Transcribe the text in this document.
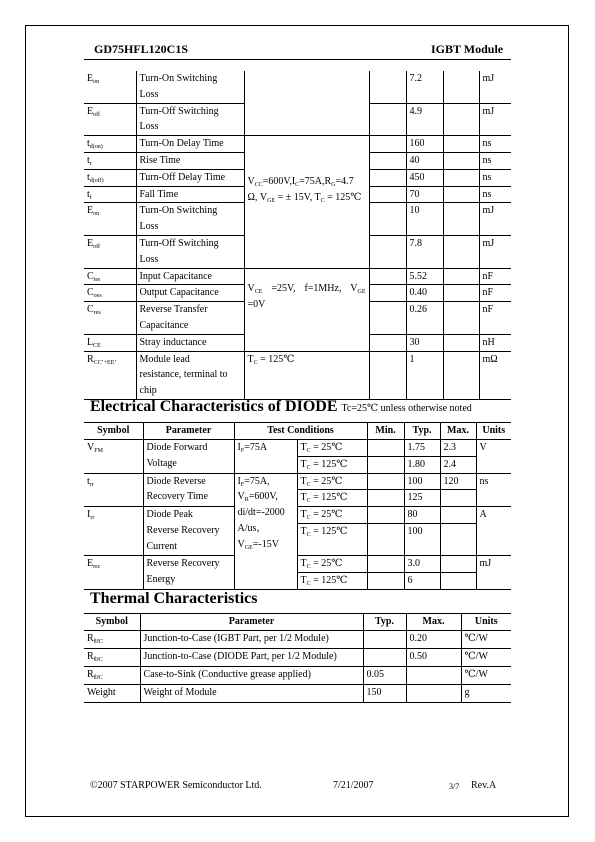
GD75HFL120C1S	IGBT Module
$E_{on}$	Turn-On Switching
Loss			7.2		mJ
$E_{off}$	Turn-Off Switching
Loss			4.9		mJ
$t_{d(on)}$	Turn-On Delay Time	$V_{CC}=600V,I_C=75A,R_G=4.7$ Ω, $V_{GE}$ = ± 15V, $T_C$ = 125℃		160		ns
$t_r$	Rise Time			40		ns
$t_{d(off)}$	Turn-Off Delay Time			450		ns
$t_f$	Fall Time			70		ns
$E_{on}$	Turn-On Switching
Loss			10		mJ
$E_{off}$	Turn-Off Switching
Loss			7.8		mJ
$C_{ies}$	Input Capacitance	$V_{CE} =25V$, f=1MHz, $V_{GE} =0V$		5.52		nF
$C_{oes}$	Output Capacitance			0.40		nF
$C_{res}$	Reverse Transfer
Capacitance			0.26		nF
$L_{CE}$	Stray inductance			30		nH
$R_{CC’+EE’}$	Module lead
resistance, terminal to
chip	$T_C$ = 125℃		1		mΩ
Electrical Characteristics of DIODE Tc=25℃ unless otherwise noted
Symbol	Parameter	Test Conditions		Min.	Typ.	Max.	Units
$V_{FM}$	Diode Forward
Voltage	$I_F=75A$	$T_C$ = 25℃		1.75	2.3	V
			$T_C$ = 125℃		1.80	2.4	
$t_{rr}$	Diode Reverse
Recovery Time	$I_F=75A$,
$V_R=600V$,
di/dt=-2000
A/us，
$V_{GE}=-15V$	$T_C$ = 25℃		100	120	ns
			$T_C$ = 125℃		125		
$I_{rr}$	Diode Peak
Reverse Recovery
Current		$T_C$ = 25℃		80		A
			$T_C$ = 125℃		100		
$E_{rec}$	Reverse Recovery
Energy		$T_C$ = 25℃		3.0		mJ
			$T_C$ = 125℃		6		
Thermal Characteristics
Symbol	Parameter	Typ.	Max.	Units
$R_{\theta JC}$	Junction-to-Case (IGBT Part, per 1/2 Module)		0.20	℃/W
$R_{\theta JC}$	Junction-to-Case (DIODE Part, per 1/2 Module)		0.50	℃/W
$R_{\theta JC}$	Case-to-Sink (Conductive grease applied)	0.05		℃/W
Weight	Weight of Module	150		g
©2007 STARPOWER Semiconductor Ltd.	7/21/2007	3/7 Rev.A
